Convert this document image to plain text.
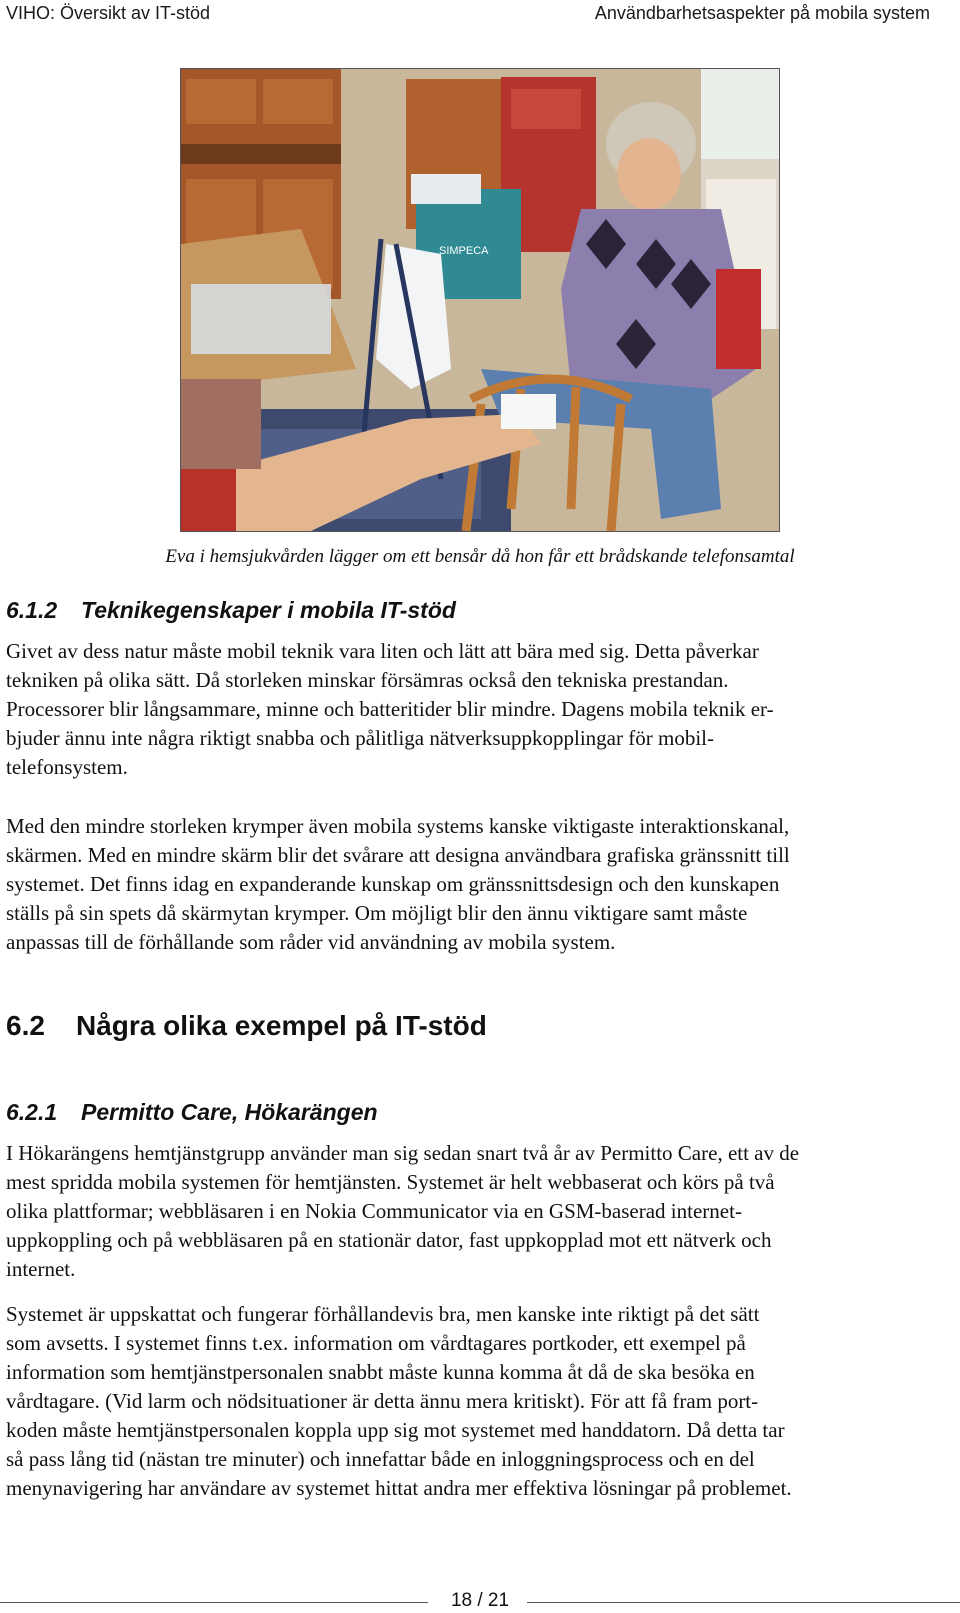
VIHO: Översikt av IT-stöd	Användbarhetsaspekter på mobila system
SIMPECA
Eva i hemsjukvården lägger om ett bensår då hon får ett brådskande telefonsamtal
6.1.2 Teknikegenskaper i mobila IT-stöd
Givet av dess natur måste mobil teknik vara liten och lätt att bära med sig. Detta påverkar
tekniken på olika sätt. Då storleken minskar försämras också den tekniska prestandan.
Processorer blir långsammare, minne och batteritider blir mindre. Dagens mobila teknik er-
bjuder ännu inte några riktigt snabba och pålitliga nätverksuppkopplingar för mobil-
telefonsystem.
Med den mindre storleken krymper även mobila systems kanske viktigaste interaktionskanal,
skärmen. Med en mindre skärm blir det svårare att designa användbara grafiska gränssnitt till
systemet. Det finns idag en expanderande kunskap om gränssnittsdesign och den kunskapen
ställs på sin spets då skärmytan krymper. Om möjligt blir den ännu viktigare samt måste
anpassas till de förhållande som råder vid användning av mobila system.
6.2 Några olika exempel på IT-stöd
6.2.1 Permitto Care, Hökarängen
I Hökarängens hemtjänstgrupp använder man sig sedan snart två år av Permitto Care, ett av de
mest spridda mobila systemen för hemtjänsten. Systemet är helt webbaserat och körs på två
olika plattformar; webbläsaren i en Nokia Communicator via en GSM-baserad internet-
uppkoppling och på webbläsaren på en stationär dator, fast uppkopplad mot ett nätverk och
internet.
Systemet är uppskattat och fungerar förhållandevis bra, men kanske inte riktigt på det sätt
som avsetts. I systemet finns t.ex. information om vårdtagares portkoder, ett exempel på
information som hemtjänstpersonalen snabbt måste kunna komma åt då de ska besöka en
vårdtagare. (Vid larm och nödsituationer är detta ännu mera kritiskt). För att få fram port-
koden måste hemtjänstpersonalen koppla upp sig mot systemet med handdatorn. Då detta tar
så pass lång tid (nästan tre minuter) och innefattar både en inloggningsprocess och en del
menynavigering har användare av systemet hittat andra mer effektiva lösningar på problemet.
18 / 21
